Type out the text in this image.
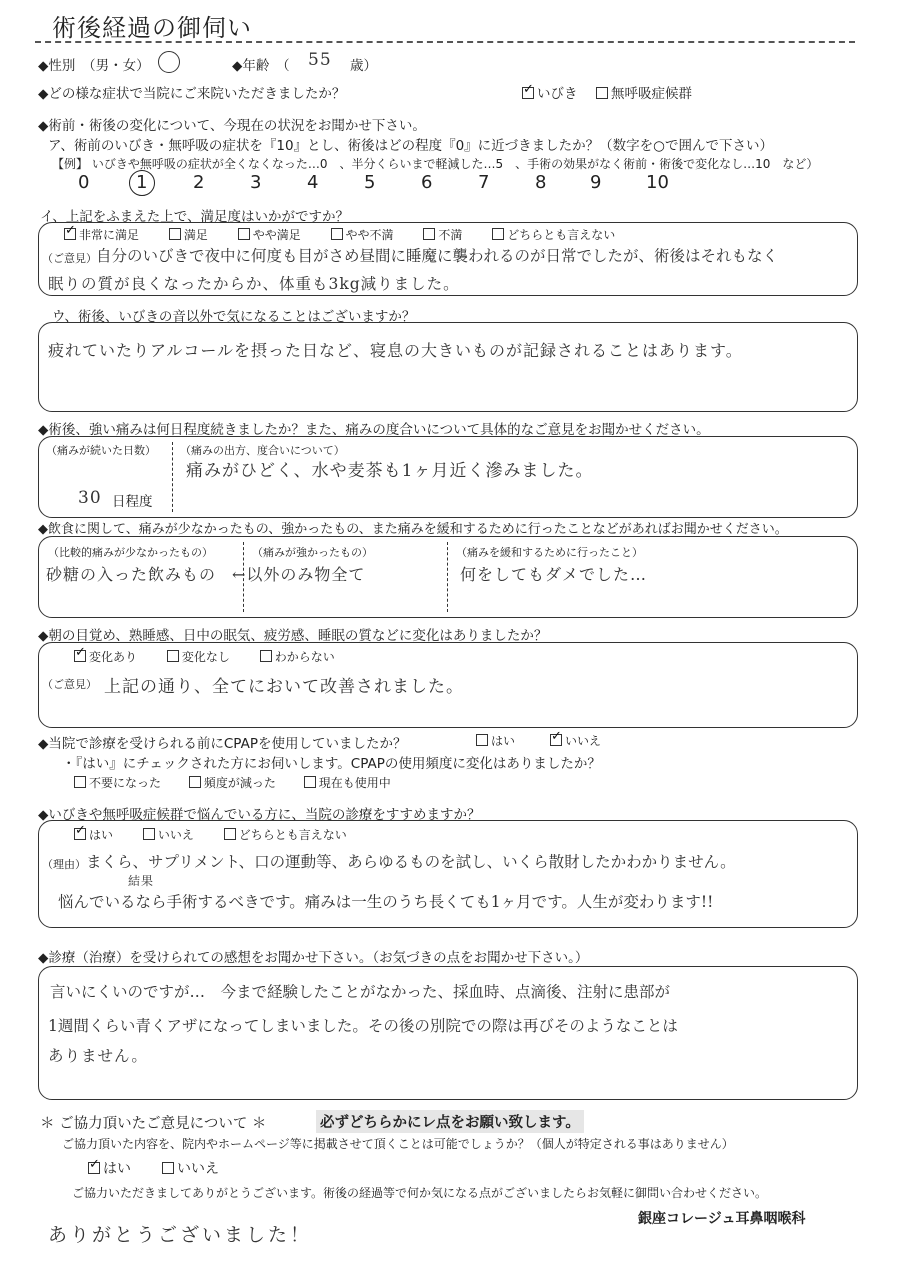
術後経過の御伺い
◆性別　（男・女）	◆年齢　（ 55 歳）
◆どの様な症状で当院にご来院いただきましたか？ ✓	いびき	無呼吸症候群
◆術前・術後の変化について、今現在の状況をお聞かせ下さい。
ア、術前のいびき・無呼吸の症状を『10』とし、術後はどの程度『0』に近づきましたか？（数字を○で囲んで下さい）
【例】 いびきや無呼吸の症状が全くなくなった…0　、半分くらいまで軽減した…5　、手術の効果がなく術前・術後で変化なし…10　など）
0	1	2	3	4	5	6	7	8 9 10
イ、上記をふまえた上で、満足度はいかがですか？
✓非常に満足	満足	やや満足	やや不満	不満	どちらとも言えない
（ご意見） 自分のいびきで夜中に何度も目がさめ昼間に睡魔に襲われるのが日常でしたが、術後はそれもなく
眠りの質が良くなったからか、体重も3kg減りました。
ウ、術後、いびきの音以外で気になることはございますか？
疲れていたりアルコールを摂った日など、寝息の大きいものが記録されることはあります。
◆術後、強い痛みは何日程度続きましたか？また、痛みの度合いについて具体的なご意見をお聞かせください。
（痛みが続いた日数）
30 日程度
（痛みの出方、度合いについて）
痛みがひどく、水や麦茶も1ヶ月近く滲みました。
◆飲食に関して、痛みが少なかったもの、強かったもの、また痛みを緩和するために行ったことなどがあればお聞かせください。
（比較的痛みが少なかったもの）
砂糖の入った飲みもの
（痛みが強かったもの）
←以外のみ物全て
（痛みを緩和するために行ったこと）
何をしてもダメでした…
◆朝の目覚め、熟睡感、日中の眠気、疲労感、睡眠の質などに変化はありましたか？
✓変化あり	変化なし	わからない
（ご意見） 上記の通り、全てにおいて改善されました。
◆当院で診療を受けられる前にCPAPを使用していましたか？	はい ✓	いいえ
・『はい』にチェックされた方にお伺いします。CPAPの使用頻度に変化はありましたか？
不要になった	頻度が減った	現在も使用中
◆いびきや無呼吸症候群で悩んでいる方に、当院の診療をすすめますか？
✓はい	いいえ	どちらとも言えない
（理由） まくら、サプリメント、口の運動等、あらゆるものを試し、いくら散財したかわかりません。
結果
悩んでいるなら手術するべきです。痛みは一生のうち長くても1ヶ月です。人生が変わります!!
◆診療（治療）を受けられての感想をお聞かせ下さい。（お気づきの点をお聞かせ下さい。）
言いにくいのですが…　今まで経験したことがなかった、採血時、点滴後、注射に患部が
1週間くらい青くアザになってしまいました。その後の別院での際は再びそのようなことは
ありません。
＊ ご協力頂いたご意見について ＊	必ずどちらかにレ点をお願い致します。
ご協力頂いた内容を、院内やホームページ等に掲載させて頂くことは可能でしょうか？（個人が特定される事はありません）
✓はい	いいえ
ご協力いただきましてありがとうございます。術後の経過等で何か気になる点がございましたらお気軽に御問い合わせください。
ありがとうございました！
銀座コレージュ耳鼻咽喉科
